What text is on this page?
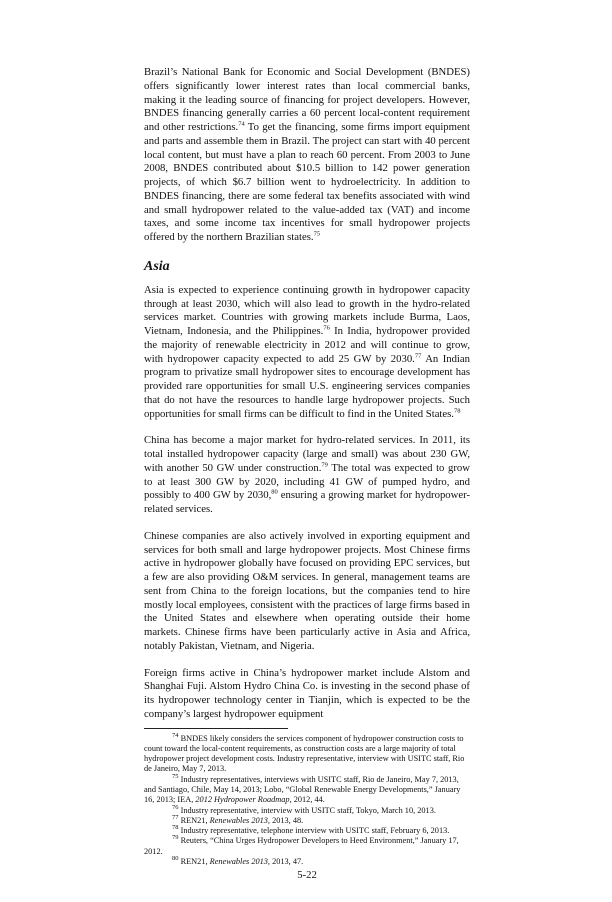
Brazil’s National Bank for Economic and Social Development (BNDES) offers significantly lower interest rates than local commercial banks, making it the leading source of financing for project developers. However, BNDES financing generally carries a 60 percent local-content requirement and other restrictions.$^{74}$ To get the financing, some firms import equipment and parts and assemble them in Brazil. The project can start with 40 percent local content, but must have a plan to reach 60 percent. From 2003 to June 2008, BNDES contributed about $10.5 billion to 142 power generation projects, of which $6.7 billion went to hydroelectricity. In addition to BNDES financing, there are some federal tax benefits associated with wind and small hydropower related to the value-added tax (VAT) and income taxes, and some income tax incentives for small hydropower projects offered by the northern Brazilian states.$^{75}$

Asia

Asia is expected to experience continuing growth in hydropower capacity through at least 2030, which will also lead to growth in the hydro-related services market. Countries with growing markets include Burma, Laos, Vietnam, Indonesia, and the Philippines.$^{76}$ In India, hydropower provided the majority of renewable electricity in 2012 and will continue to grow, with hydropower capacity expected to add 25 GW by 2030.77 An Indian program to privatize small hydropower sites to encourage development has provided rare opportunities for small U.S. engineering services companies that do not have the resources to handle large hydropower projects. Such opportunities for small firms can be difficult to find in the United States.$^{78}$

China has become a major market for hydro-related services. In 2011, its total installed hydropower capacity (large and small) was about 230 GW, with another 50 GW under construction.$^{79}$ The total was expected to grow to at least 300 GW by 2020, including 41 GW of pumped hydro, and possibly to 400 GW by 2030,80 ensuring a growing market for hydropower-related services.

Chinese companies are also actively involved in exporting equipment and services for both small and large hydropower projects. Most Chinese firms active in hydropower globally have focused on providing EPC services, but a few are also providing O&M services. In general, management teams are sent from China to the foreign locations, but the companies tend to hire mostly local employees, consistent with the practices of large firms based in the United States and elsewhere when operating outside their home markets. Chinese firms have been particularly active in Asia and Africa, notably Pakistan, Vietnam, and Nigeria.

Foreign firms active in China’s hydropower market include Alstom and Shanghai Fuji. Alstom Hydro China Co. is investing in the second phase of its hydropower technology center in Tianjin, which is expected to be the company’s largest hydropower equipment

$^{74}$ BNDES likely considers the services component of hydropower construction costs to count toward the local-content requirements, as construction costs are a large majority of total hydropower project development costs. Industry representative, interview with USITC staff, Rio de Janeiro, May 7, 2013.

$^{75}$ Industry representatives, interviews with USITC staff, Rio de Janeiro, May 7, 2013, and Santiago, Chile, May 14, 2013; Lobo, “Global Renewable Energy Developments,” January 16, 2013; IEA, 2012 Hydropower Roadmap, 2012, 44.

$^{76}$ Industry representative, interview with USITC staff, Tokyo, March 10, 2013.

$^{77}$ REN21, Renewables 2013, 2013, 48.

$^{78}$ Industry representative, telephone interview with USITC staff, February 6, 2013.

$^{79}$ Reuters, “China Urges Hydropower Developers to Heed Environment,” January 17, 2012.

$^{80}$ REN21, Renewables 2013, 2013, 47.

5-22
